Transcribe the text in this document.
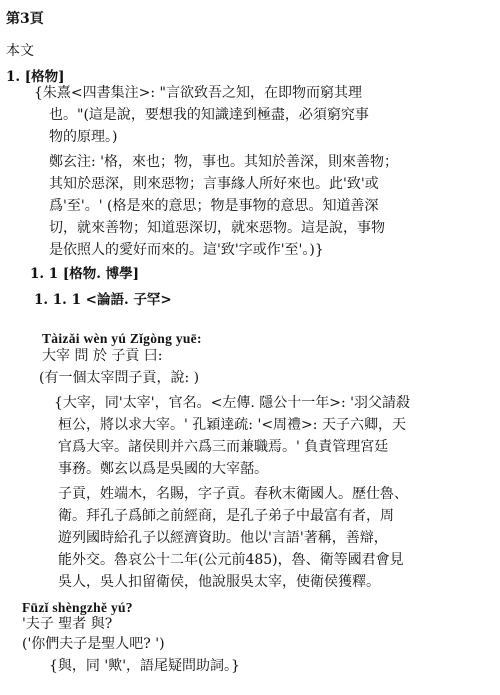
第3頁
本文
1. [格物]
{朱熹<四書集注>: "言欲致吾之知，在即物而窮其理
也。"(這是說，要想我的知識達到極盡，必須窮究事
物的原理。)
鄭玄注: '格，來也；物，事也。其知於善深，則來善物；
其知於惡深，則來惡物；言事緣人所好來也。此'致'或
爲'至'。' (格是來的意思；物是事物的意思。知道善深
切，就來善物；知道惡深切，就來惡物。這是說，事物
是依照人的愛好而來的。這'致'字或作'至'。)}
1. 1 [格物. 博學]
1. 1. 1 <論語. 子罕>
Tàizǎi wèn yú Zǐgòng yuē:
大宰 問 於 子貢 曰:
(有一個太宰問子貢，說: )
{大宰，同'太宰'，官名。<左傳. 隱公十一年>: '羽父請殺
桓公，將以求大宰。' 孔穎達疏: '<周禮>: 天子六卿，天
官爲大宰。諸侯則并六爲三而兼職焉。' 負責管理宮廷
事務。鄭玄以爲是吳國的大宰嚭。
子貢，姓端木，名賜，字子貢。春秋末衛國人。歷仕魯、
衛。拜孔子爲師之前經商，是孔子弟子中最富有者，周
遊列國時給孔子以經濟資助。他以'言語'著稱，善辯，
能外交。魯哀公十二年(公元前485)，魯、衛等國君會見
吳人，吳人扣留衛侯，他說服吳太宰，使衛侯獲釋。
Fūzǐ shèngzhě yú?
'夫子 聖者 與?
('你們夫子是聖人吧? ')
{與，同 '歟'，語尾疑問助詞。}
